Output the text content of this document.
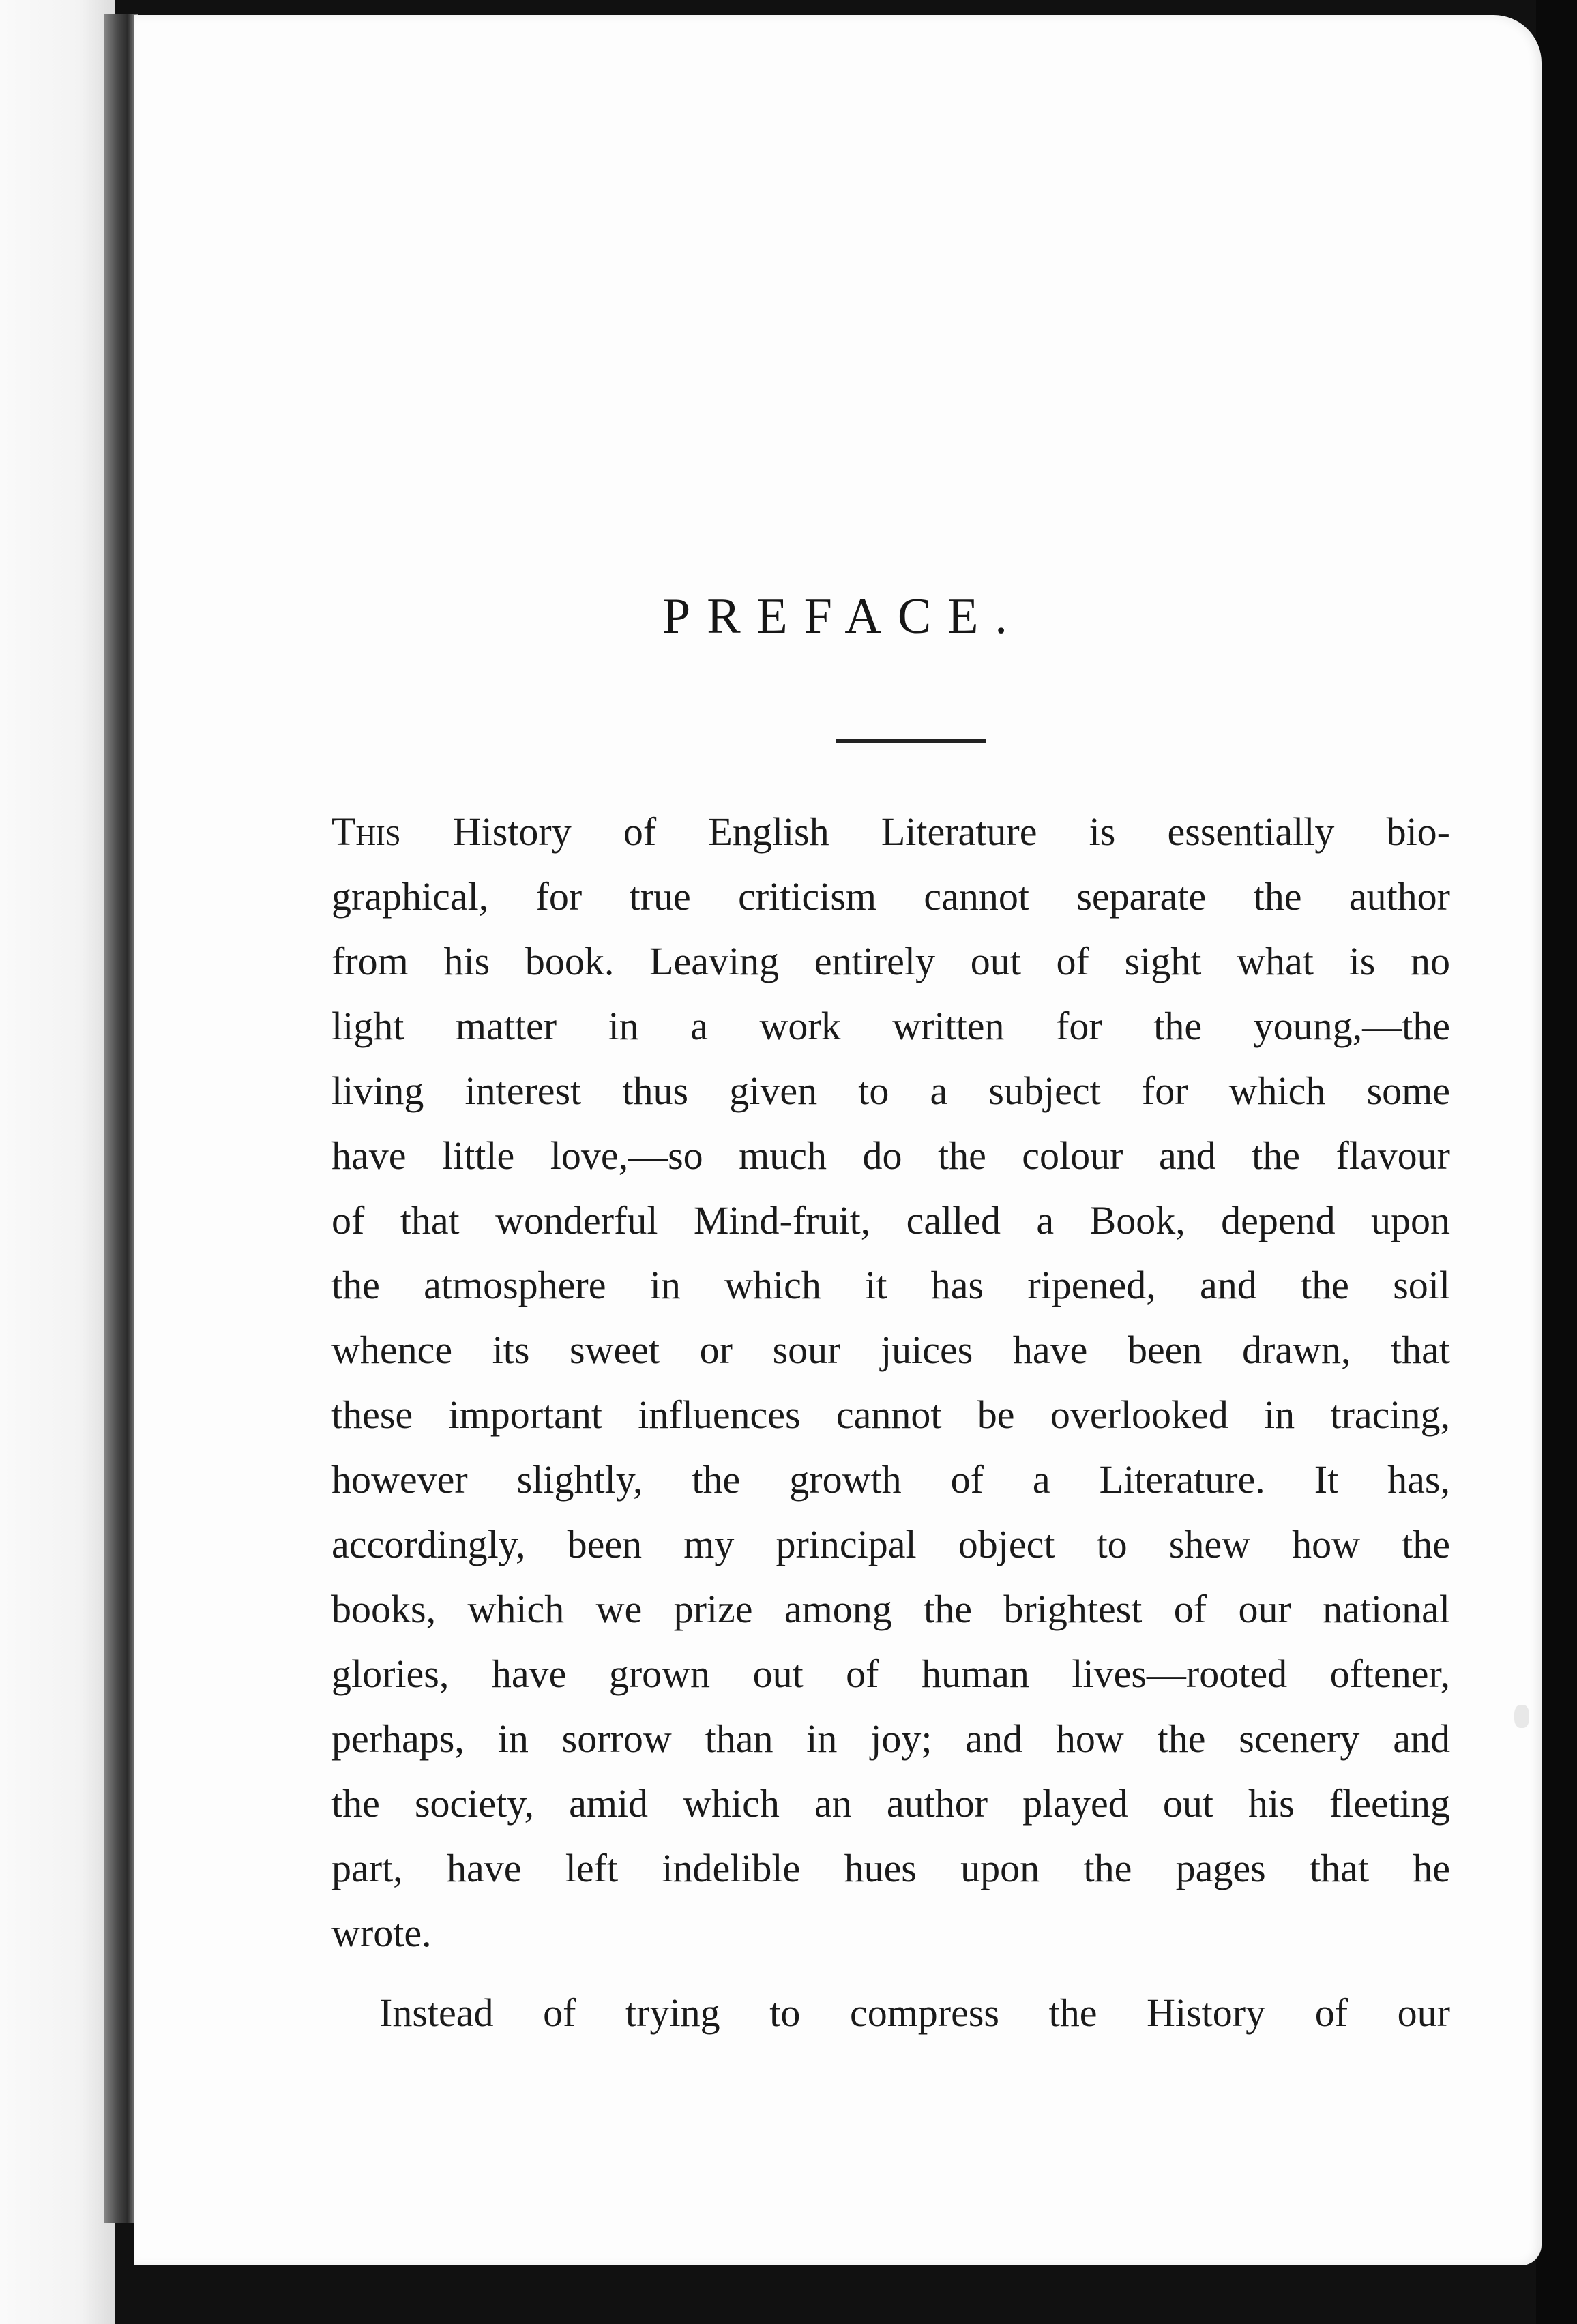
PREFACE.
This History of English Literature is essentially bio-
graphical, for true criticism cannot separate the author
from his book. Leaving entirely out of sight what is no
light matter in a work written for the young,—the
living interest thus given to a subject for which some
have little love,—so much do the colour and the flavour
of that wonderful Mind-fruit, called a Book, depend upon
the atmosphere in which it has ripened, and the soil
whence its sweet or sour juices have been drawn, that
these important influences cannot be overlooked in tracing,
however slightly, the growth of a Literature. It has,
accordingly, been my principal object to shew how the
books, which we prize among the brightest of our national
glories, have grown out of human lives—rooted oftener,
perhaps, in sorrow than in joy; and how the scenery and
the society, amid which an author played out his fleeting
part, have left indelible hues upon the pages that he
wrote.
Instead of trying to compress the History of our
